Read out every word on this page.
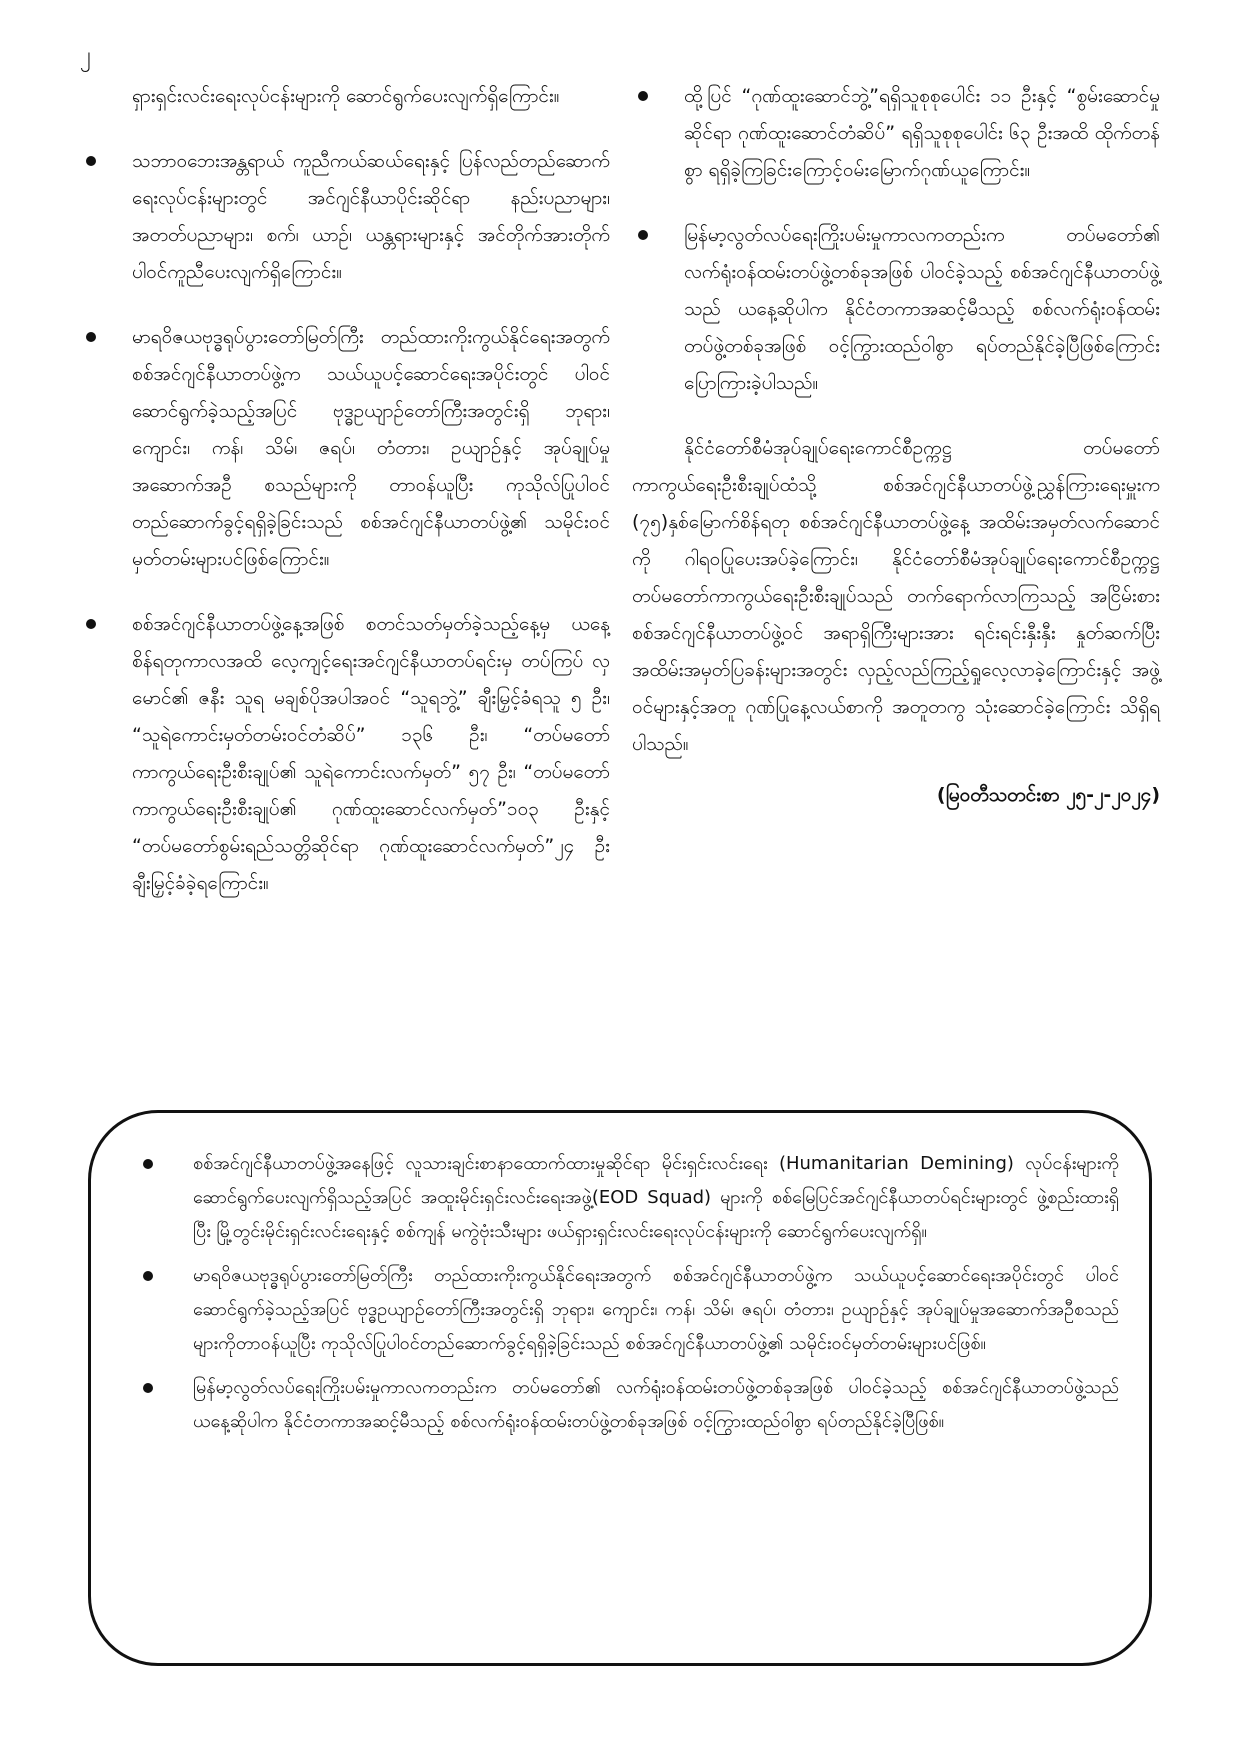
၂

ရှားရှင်းလင်းရေးလုပ်ငန်းများကို ဆောင်ရွက်ပေးလျက်ရှိကြောင်း။

သဘာဝဘေးအန္တရာယ် ကူညီကယ်ဆယ်ရေးနှင့် ပြန်လည်တည်ဆောက်ရေးလုပ်ငန်းများတွင် အင်ဂျင်နီယာပိုင်းဆိုင်ရာ နည်းပညာများ၊ အတတ်ပညာများ၊ စက်၊ ယာဉ်၊ ယန္တရားများနှင့် အင်တိုက်အားတိုက် ပါဝင်ကူညီပေးလျက်ရှိကြောင်း။
မာရဝိဇယဗုဒ္ဓရုပ်ပွားတော်မြတ်ကြီး တည်ထားကိုးကွယ်နိုင်ရေးအတွက် စစ်အင်ဂျင်နီယာတပ်ဖွဲ့က သယ်ယူပင့်ဆောင်ရေးအပိုင်းတွင် ပါဝင်ဆောင်ရွက်ခဲ့သည့်အပြင် ဗုဒ္ဓဥယျာဉ်တော်ကြီးအတွင်းရှိ ဘုရား၊ ကျောင်း၊ ကန်၊ သိမ်၊ ဇရပ်၊ တံတား၊ ဥယျာဉ်နှင့် အုပ်ချုပ်မှုအဆောက်အဦ စသည်များကို တာဝန်ယူပြီး ကုသိုလ်ပြုပါဝင်တည်ဆောက်ခွင့်ရရှိခဲ့ခြင်းသည် စစ်အင်ဂျင်နီယာတပ်ဖွဲ့၏ သမိုင်းဝင်မှတ်တမ်းများပင်ဖြစ်ကြောင်း။
စစ်အင်ဂျင်နီယာတပ်ဖွဲ့နေ့အဖြစ် စတင်သတ်မှတ်ခဲ့သည့်နေ့မှ ယနေ့စိန်ရတုကာလအထိ လေ့ကျင့်ရေးအင်ဂျင်နီယာတပ်ရင်းမှ တပ်ကြပ် လှမောင်၏ ဇနီး သူရ မချစ်ပိုအပါအဝင် “သူရဘွဲ့” ချီးမြှင့်ခံရသူ ၅ ဦး၊ “သူရဲကောင်းမှတ်တမ်းဝင်တံဆိပ်” ၁၃၆ ဦး၊ “တပ်မတော်ကာကွယ်ရေးဦးစီးချုပ်၏ သူရဲကောင်းလက်မှတ်” ၅၇ ဦး၊ “တပ်မတော်ကာကွယ်ရေးဦးစီးချုပ်၏ ဂုဏ်ထူးဆောင်လက်မှတ်”၁၀၃ ဦးနှင့် “တပ်မတော်စွမ်းရည်သတ္တိဆိုင်ရာ ဂုဏ်ထူးဆောင်လက်မှတ်”၂၄ ဦး ချီးမြှင့်ခံခဲ့ရကြောင်း။
ထို့ပြင် “ဂုဏ်ထူးဆောင်ဘွဲ့”ရရှိသူစုစုပေါင်း ၁၁ ဦးနှင့် “စွမ်းဆောင်မှုဆိုင်ရာ ဂုဏ်ထူးဆောင်တံဆိပ်” ရရှိသူစုစုပေါင်း ၆၃ ဦးအထိ ထိုက်တန်စွာ ရရှိခဲ့ကြခြင်းကြောင့်ဝမ်းမြောက်ဂုဏ်ယူကြောင်း။
မြန်မာ့လွတ်လပ်ရေးကြိုးပမ်းမှုကာလကတည်းက တပ်မတော်၏ လက်ရုံးဝန်ထမ်းတပ်ဖွဲ့တစ်ခုအဖြစ် ပါဝင်ခဲ့သည့် စစ်အင်ဂျင်နီယာတပ်ဖွဲ့သည် ယနေ့ဆိုပါက နိုင်ငံတကာအဆင့်မီသည့် စစ်လက်ရုံးဝန်ထမ်းတပ်ဖွဲ့တစ်ခုအဖြစ် ဝင့်ကြွားထည်ဝါစွာ ရပ်တည်နိုင်ခဲ့ပြီဖြစ်ကြောင်း ပြောကြားခဲ့ပါသည်။

နိုင်ငံတော်စီမံအုပ်ချုပ်ရေးကောင်စီဥက္ကဋ္ဌ တပ်မတော်ကာကွယ်ရေးဦးစီးချုပ်ထံသို့ စစ်အင်ဂျင်နီယာတပ်ဖွဲ့ညွှန်ကြားရေးမှူးက (၇၅)နှစ်မြောက်စိန်ရတု စစ်အင်ဂျင်နီယာတပ်ဖွဲ့နေ့ အထိမ်းအမှတ်လက်ဆောင်ကို ဂါရဝပြုပေးအပ်ခဲ့ကြောင်း၊ နိုင်ငံတော်စီမံအုပ်ချုပ်ရေးကောင်စီဥက္ကဋ္ဌ တပ်မတော်ကာကွယ်ရေးဦးစီးချုပ်သည် တက်ရောက်လာကြသည့် အငြိမ်းစားစစ်အင်ဂျင်နီယာတပ်ဖွဲ့ဝင် အရာရှိကြီးများအား ရင်းရင်းနှီးနှီး နှုတ်ဆက်ပြီး အထိမ်းအမှတ်ပြခန်းများအတွင်း လှည့်လည်ကြည့်ရှုလေ့လာခဲ့ကြောင်းနှင့် အဖွဲ့ဝင်များနှင့်အတူ ဂုဏ်ပြုနေ့လယ်စာကို အတူတကွ သုံးဆောင်ခဲ့ကြောင်း သိရှိရပါသည်။

(မြဝတီသတင်းစာ ၂၅-၂-၂၀၂၄)
စစ်အင်ဂျင်နီယာတပ်ဖွဲ့အနေဖြင့် လူသားချင်းစာနာထောက်ထားမှုဆိုင်ရာ မိုင်းရှင်းလင်းရေး (Humanitarian Demining) လုပ်ငန်းများကို ဆောင်ရွက်ပေးလျက်ရှိသည့်အပြင် အထူးမိုင်းရှင်းလင်းရေးအဖွဲ့(EOD Squad) များကို စစ်မြေပြင်အင်ဂျင်နီယာတပ်ရင်းများတွင် ဖွဲ့စည်းထားရှိပြီး မြို့တွင်းမိုင်းရှင်းလင်းရေးနှင့် စစ်ကျန် မကွဲဗုံးသီးများ ဖယ်ရှားရှင်းလင်းရေးလုပ်ငန်းများကို ဆောင်ရွက်ပေးလျက်ရှိ။
မာရဝိဇယဗုဒ္ဓရုပ်ပွားတော်မြတ်ကြီး တည်ထားကိုးကွယ်နိုင်ရေးအတွက် စစ်အင်ဂျင်နီယာတပ်ဖွဲ့က သယ်ယူပင့်ဆောင်ရေးအပိုင်းတွင် ပါဝင်ဆောင်ရွက်ခဲ့သည့်အပြင် ဗုဒ္ဓဥယျာဉ်တော်ကြီးအတွင်းရှိ ဘုရား၊ ကျောင်း၊ ကန်၊ သိမ်၊ ဇရပ်၊ တံတား၊ ဥယျာဉ်နှင့် အုပ်ချုပ်မှုအဆောက်အဦစသည်များကိုတာဝန်ယူပြီး ကုသိုလ်ပြုပါဝင်တည်ဆောက်ခွင့်ရရှိခဲ့ခြင်းသည် စစ်အင်ဂျင်နီယာတပ်ဖွဲ့၏ သမိုင်းဝင်မှတ်တမ်းများပင်ဖြစ်။
မြန်မာ့လွတ်လပ်ရေးကြိုးပမ်းမှုကာလကတည်းက တပ်မတော်၏ လက်ရုံးဝန်ထမ်းတပ်ဖွဲ့တစ်ခုအဖြစ် ပါဝင်ခဲ့သည့် စစ်အင်ဂျင်နီယာတပ်ဖွဲ့သည် ယနေ့ဆိုပါက နိုင်ငံတကာအဆင့်မီသည့် စစ်လက်ရုံးဝန်ထမ်းတပ်ဖွဲ့တစ်ခုအဖြစ် ဝင့်ကြွားထည်ဝါစွာ ရပ်တည်နိုင်ခဲ့ပြီဖြစ်။
